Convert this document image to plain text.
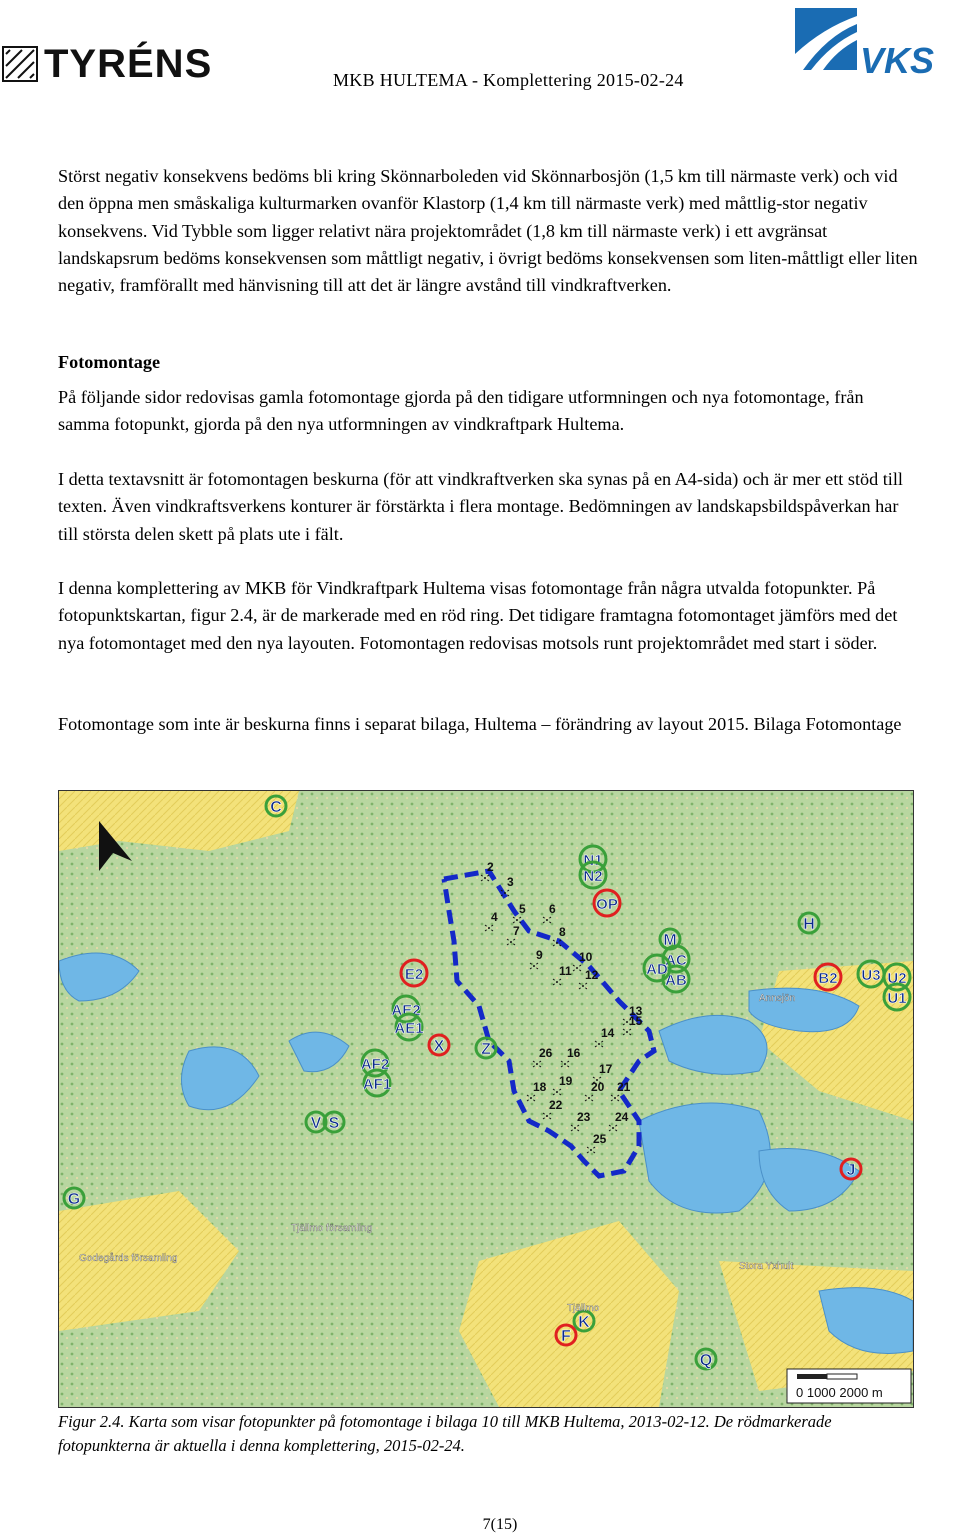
TYRÉNS	MKB HULTEMA - Komplettering 2015-02-24	VKS

Störst negativ konsekvens bedöms bli kring Skönnarboleden vid Skönnarbosjön (1,5 km till närmaste verk) och vid den öppna men småskaliga kulturmarken ovanför Klastorp (1,4 km till närmaste verk) med måttlig-stor negativ konsekvens. Vid Tybble som ligger relativt nära projektområdet (1,8 km till närmaste verk) i ett avgränsat landskapsrum bedöms konsekvensen som måttligt negativ, i övrigt bedöms konsekvensen som liten-måttligt eller liten negativ, framförallt med hänvisning till att det är längre avstånd till vindkraftverken.

Fotomontage

På följande sidor redovisas gamla fotomontage gjorda på den tidigare utformningen och nya fotomontage, från samma fotopunkt, gjorda på den nya utformningen av vindkraftpark Hultema.

I detta textavsnitt är fotomontagen beskurna (för att vindkraftverken ska synas på en A4-sida) och är mer ett stöd till texten. Även vindkraftsverkens konturer är förstärkta i flera montage. Bedömningen av landskapsbildspåverkan har till största delen skett på plats ute i fält.

I denna komplettering av MKB för Vindkraftpark Hultema visas fotomontage från några utvalda fotopunkter. På fotopunktskartan, figur 2.4, är de markerade med en röd ring. Det tidigare framtagna fotomontaget jämförs med det nya fotomontaget med den nya layouten. Fotomontagen redovisas motsols runt projektområdet med start i söder.

Fotomontage som inte är beskurna finns i separat bilaga, Hultema – förändring av layout 2015. Bilaga Fotomontage

2
3
4
5 6
7	8
9	10
11 12
13
14
15
16
17
18 19 20 21
22
23 24
25
26
C
M
AC
AB
AD
H
U3 U2
U1
AE2
AE1
Z
AF2
AF1
V S
G
K
Q
N1
N2
OP
B2
E2
X
J
F
Godegårds församling
Tjällmo församling
Tjällmo
Stora Yxhult
Annsjön
0 1000 2000 m
Figur 2.4. Karta som visar fotopunkter på fotomontage i bilaga 10 till MKB Hultema, 2013-02-12. De rödmarkerade fotopunkterna är aktuella i denna komplettering, 2015-02-24.
7(15)
